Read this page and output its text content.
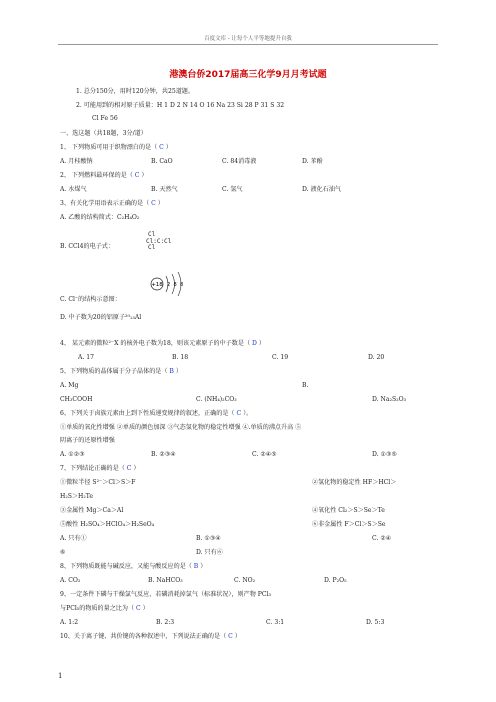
百度文库 - 让每个人平等地提升自我
港澳台侨2017届高三化学9月月考试题
1. 总分150分，用时120分钟，共25道题。
2. 可能用到的相对原子质量：H 1 D 2 N 14 O 16 Na 23 Si 28 P 31 S 32
Cl Fe 56
一、选这题（共18题，3分/道）
1、 下列物质可用于织物漂白的是（ C ）
A. 月桂酸钠	B. CaO	C. 84消毒液	D. 苯酚
2、 下列燃料最环保的是（ C ）
A. 水煤气	B. 天然气	C. 氢气	D. 液化石油气
3、有关化学用语表示正确的是（ C ）
A. 乙酸的结构简式：C₂H₄O₂
Cl
Cl:C:Cl
Cl
B. CCl4的电子式：
+18 2 8 8
C. Cl⁻的结构示意图：
D. 中子数为20的铝原子²⁰₁₃Al
4、 某元素的微粒²⁻X 的核外电子数为18，则该元素原子的中子数是（ D ）
A. 17	B. 18	C. 19	D. 20
5、下列物质的晶体属于分子晶体的是（ B ）
A. Mg	B.
CH₃COOH	C. (NH₄)₂CO₃	D. Na₂S₂O₃
6、下列关于卤族元素由上到下性质递变规律的叙述，正确的是（ C ）。
①单质的氧化性增强 ②单质的颜色加深 ③气态氢化物的稳定性增强 ④.单质的沸点升高 ⑤
阴离子的还原性增强
A. ①②③	B. ②③④	C. ②④⑤	D. ①③⑤
7、下列结论正确的是（ C ）
①微粒半径 S²⁻＞Cl＞S＞F	②氢化物的稳定性 HF＞HCl＞
H₂S＞H₂Te
③金属性 Mg＞Ca＞Al	④氧化性 Cl₂＞S＞Se＞Te
⑤酸性 H₂SO₄＞HClO₄＞H₂SeO₄	⑥非金属性 F＞Cl＞S＞Se
A. 只有①	B. ①③④	C. ②④
⑥	D. 只有⑥
8、下列物质既能与碱反应，又能与酸反应的是（ B ）
A. CO₂	B. NaHCO₃	C. NO₂	D. P₂O₅
9、一定条件下磷与干燥氯气反应，若磷消耗掉氯气（标准状况），则产物 PCl₃
与PCl₅的物质的量之比为（ C ）
A. 1:2	B. 2:3	C. 3:1	D. 5:3
10、关于离子键、共价键的各种叙述中，下列说法正确的是（ C ）
1
